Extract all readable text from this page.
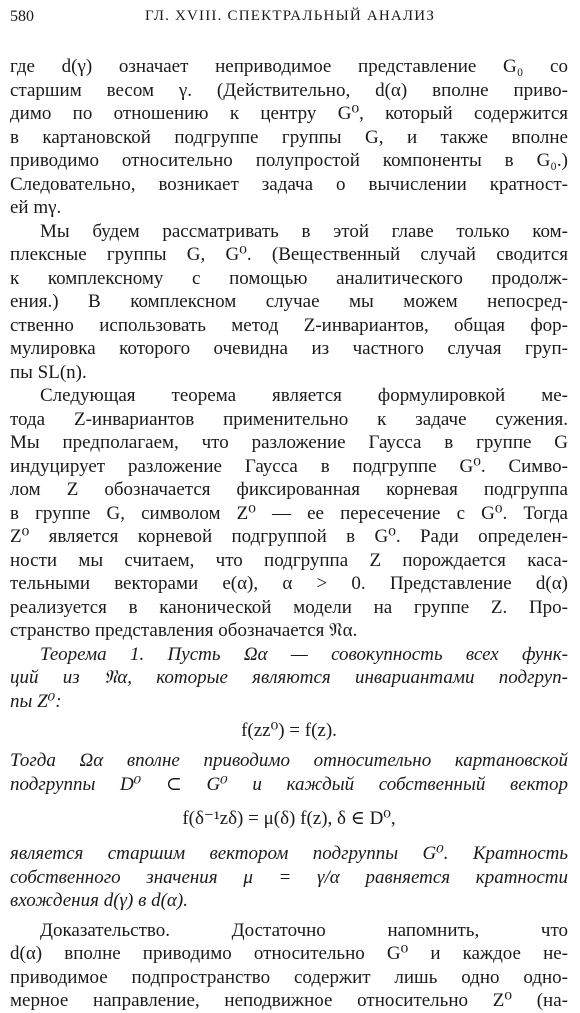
580	ГЛ. XVIII. СПЕКТРАЛЬНЫЙ АНАЛИЗ
где d(γ) означает неприводимое представление G₀ со
старшим весом γ. (Действительно, d(α) вполне приво-
димо по отношению к центру G⁰, который содержится
в картановской подгруппе группы G, и также вполне
приводимо относительно полупростой компоненты в G₀.)
Следовательно, возникает задача о вычислении кратност-
ей mγ.
Мы будем рассматривать в этой главе только ком-
плексные группы G, G⁰. (Вещественный случай сводится
к комплексному с помощью аналитического продолж-
ения.) В комплексном случае мы можем непосред-
ственно использовать метод Z-инвариантов, общая фор-
мулировка которого очевидна из частного случая груп-
пы SL(n).
Следующая теорема является формулировкой ме-
тода Z-инвариантов применительно к задаче сужения.
Мы предполагаем, что разложение Гаусса в группе G
индуцирует разложение Гаусса в подгруппе G⁰. Симво-
лом Z обозначается фиксированная корневая подгруппа
в группе G, символом Z⁰ — ее пересечение с G⁰. Тогда
Z⁰ является корневой подгруппой в G⁰. Ради определен-
ности мы считаем, что подгруппа Z порождается каса-
тельными векторами e(α), α > 0. Представление d(α)
реализуется в канонической модели на группе Z. Про-
странство представления обозначается 𝔑α.
Теорема 1. Пусть Ωα — совокупность всех функ-
ций из 𝔑α, которые являются инвариантами подгруп-
пы Z⁰:
f(zz⁰) = f(z).
Тогда Ωα вполне приводимо относительно картановской
подгруппы D⁰ ⊂ G⁰ и каждый собственный вектор
f(δ⁻¹zδ) = μ(δ) f(z), δ ∈ D⁰,
является старшим вектором подгруппы G⁰. Кратность
собственного значения μ = γ/α равняется кратности
вхождения d(γ) в d(α).
Доказательство. Достаточно напомнить, что
d(α) вполне приводимо относительно G⁰ и каждое не-
приводимое подпространство содержит лишь одно одно-
мерное направление, неподвижное относительно Z⁰ (на-
